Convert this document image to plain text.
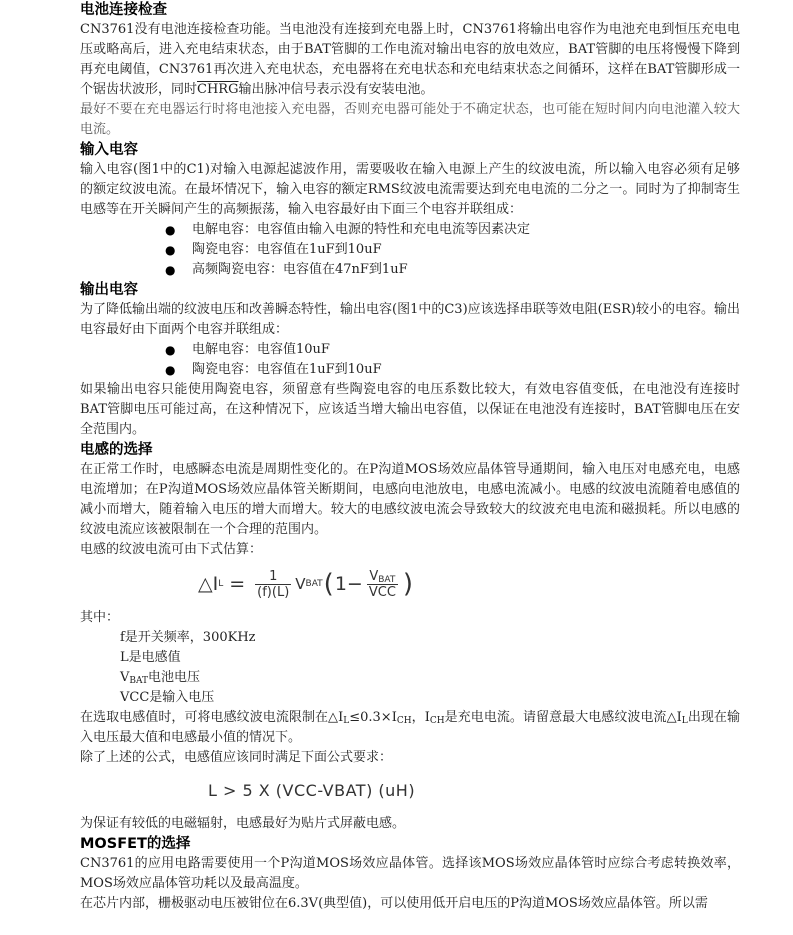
电池连接检查

CN3761没有电池连接检查功能。当电池没有连接到充电器上时，CN3761将输出电容作为电池充电到恒压充电电压或略高后，进入充电结束状态，由于BAT管脚的工作电流对输出电容的放电效应，BAT管脚的电压将慢慢下降到再充电阈值，CN3761再次进入充电状态，充电器将在充电状态和充电结束状态之间循环，这样在BAT管脚形成一个锯齿状波形，同时CHRG输出脉冲信号表示没有安装电池。

最好不要在充电器运行时将电池接入充电器，否则充电器可能处于不确定状态，也可能在短时间内向电池灌入较大电流。

输入电容

输入电容(图1中的C1)对输入电源起滤波作用，需要吸收在输入电源上产生的纹波电流，所以输入电容必须有足够的额定纹波电流。在最坏情况下，输入电容的额定RMS纹波电流需要达到充电电流的二分之一。同时为了抑制寄生电感等在开关瞬间产生的高频振荡，输入电容最好由下面三个电容并联组成：

● 电解电容：电容值由输入电源的特性和充电电流等因素决定
● 陶瓷电容：电容值在1uF到10uF
● 高频陶瓷电容：电容值在47nF到1uF
输出电容

为了降低输出端的纹波电压和改善瞬态特性，输出电容(图1中的C3)应该选择串联等效电阻(ESR)较小的电容。输出电容最好由下面两个电容并联组成：

● 电解电容：电容值10uF
● 陶瓷电容：电容值在1uF到10uF

如果输出电容只能使用陶瓷电容，须留意有些陶瓷电容的电压系数比较大，有效电容值变低，在电池没有连接时BAT管脚电压可能过高，在这种情况下，应该适当增大输出电容值，以保证在电池没有连接时，BAT管脚电压在安全范围内。

电感的选择

在正常工作时，电感瞬态电流是周期性变化的。在P沟道MOS场效应晶体管导通期间，输入电压对电感充电，电感电流增加；在P沟道MOS场效应晶体管关断期间，电感向电池放电，电感电流减小。电感的纹波电流随着电感值的减小而增大，随着输入电压的增大而增大。较大的电感纹波电流会导致较大的纹波充电电流和磁损耗。所以电感的纹波电流应该被限制在一个合理的范围内。

电感的纹波电流可由下式估算：

△I $L = \frac{1}{(f)(L)}$ V BAT ( $1- \frac{V_{BAT}}{\text{VCC}}$ )

其中：

f是开关频率，300KHz

L是电感值

$V_{BAT}$电池电压

VCC是输入电压

在选取电感值时，可将电感纹波电流限制在$\triangle I_L\le 0.3\times I_{CH}$，$I_{CH}$是充电电流。请留意最大电感纹波电流$\triangle I_L$出现在输入电压最大值和电感最小值的情况下。

除了上述的公式，电感值应该同时满足下面公式要求：

L > 5 X (VCC-VBAT) (uH)

为保证有较低的电磁辐射，电感最好为贴片式屏蔽电感。

MOSFET的选择

CN3761的应用电路需要使用一个P沟道MOS场效应晶体管。选择该MOS场效应晶体管时应综合考虑转换效率，MOS场效应晶体管功耗以及最高温度。

在芯片内部，栅极驱动电压被钳位在6.3V(典型值)，可以使用低开启电压的P沟道MOS场效应晶体管。所以需
